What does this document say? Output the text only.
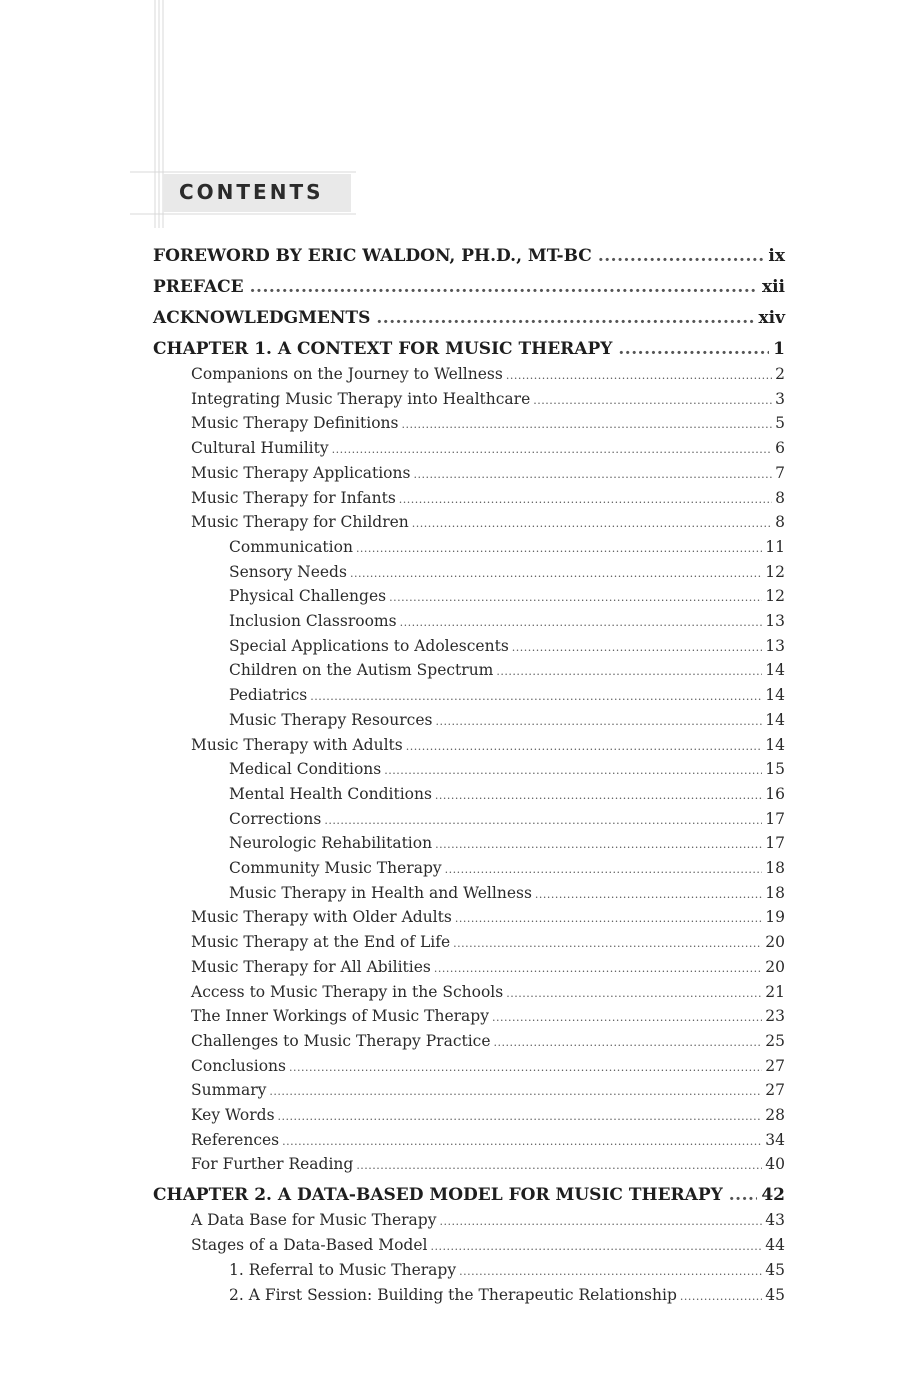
CONTENTS
FOREWORD BY ERIC WALDON, PH.D., MT-BC .....	ix
PREFACE .....	xii
ACKNOWLEDGMENTS .....	xiv
CHAPTER 1. A CONTEXT FOR MUSIC THERAPY .....	1
Companions on the Journey to Wellness .....	2
Integrating Music Therapy into Healthcare .....	3
Music Therapy Definitions .....	5
Cultural Humility .....	6
Music Therapy Applications .....	7
Music Therapy for Infants .....	8
Music Therapy for Children .....	8
Communication .....	11
Sensory Needs .....	12
Physical Challenges .....	12
Inclusion Classrooms .....	13
Special Applications to Adolescents .....	13
Children on the Autism Spectrum .....	14
Pediatrics .....	14
Music Therapy Resources .....	14
Music Therapy with Adults .....	14
Medical Conditions .....	15
Mental Health Conditions .....	16
Corrections .....	17
Neurologic Rehabilitation .....	17
Community Music Therapy .....	18
Music Therapy in Health and Wellness .....	18
Music Therapy with Older Adults .....	19
Music Therapy at the End of Life .....	20
Music Therapy for All Abilities .....	20
Access to Music Therapy in the Schools .....	21
The Inner Workings of Music Therapy .....	23
Challenges to Music Therapy Practice .....	25
Conclusions .....	27
Summary .....	27
Key Words .....	28
References .....	34
For Further Reading .....	40
CHAPTER 2. A DATA-BASED MODEL FOR MUSIC THERAPY ..... 42
A Data Base for Music Therapy .....	43
Stages of a Data-Based Model .....	44
1. Referral to Music Therapy .....	45
2. A First Session: Building the Therapeutic Relationship .....	45
